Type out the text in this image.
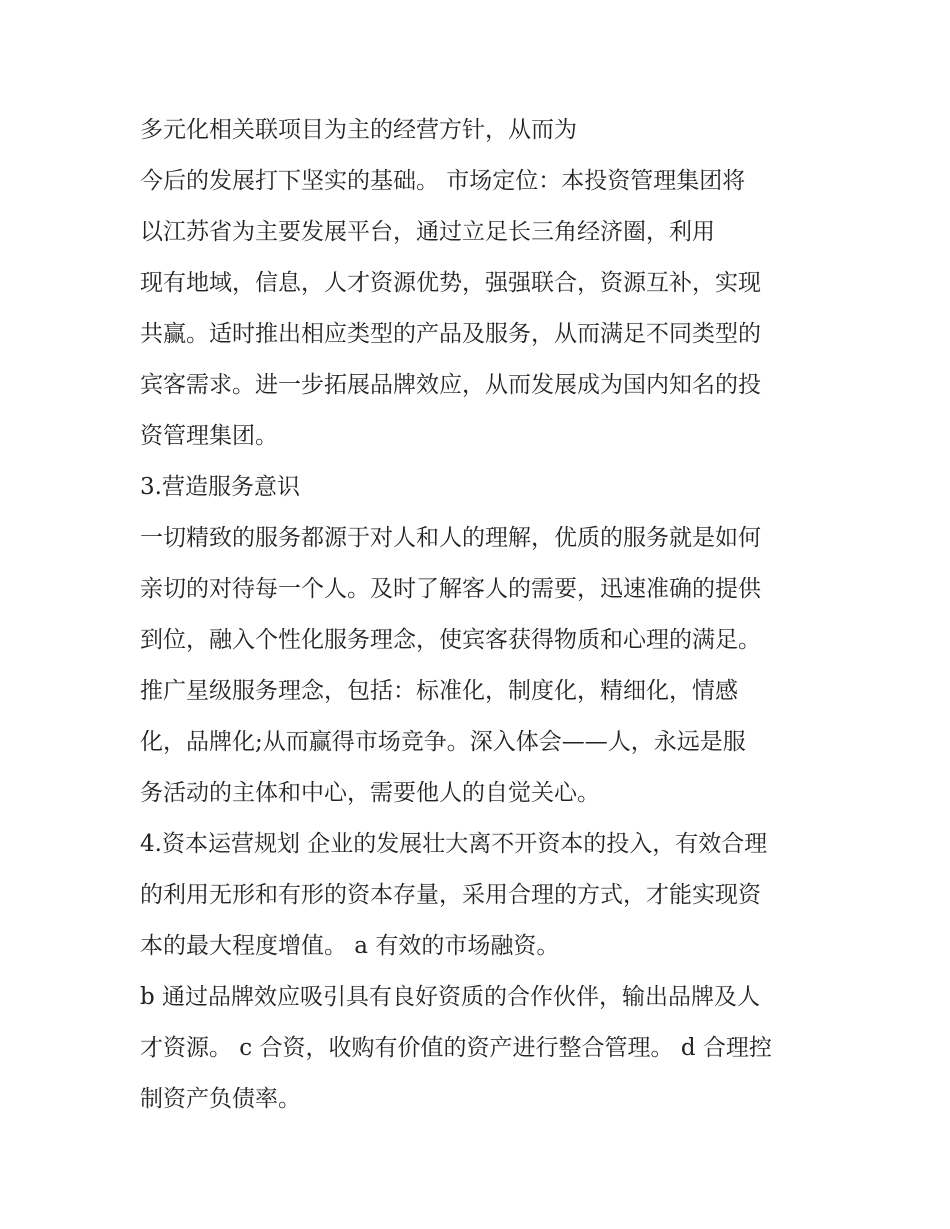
多元化相关联项目为主的经营方针，从而为
今后的发展打下坚实的基础。 市场定位：本投资管理集团将
以江苏省为主要发展平台，通过立足长三角经济圈，利用
现有地域，信息，人才资源优势，强强联合，资源互补，实现
共赢。适时推出相应类型的产品及服务，从而满足不同类型的
宾客需求。进一步拓展品牌效应，从而发展成为国内知名的投
资管理集团。
3.营造服务意识
一切精致的服务都源于对人和人的理解，优质的服务就是如何
亲切的对待每一个人。及时了解客人的需要，迅速准确的提供
到位，融入个性化服务理念，使宾客获得物质和心理的满足。
推广星级服务理念，包括：标准化，制度化，精细化，情感
化，品牌化;从而赢得市场竞争。深入体会——人，永远是服
务活动的主体和中心，需要他人的自觉关心。
4.资本运营规划 企业的发展壮大离不开资本的投入，有效合理
的利用无形和有形的资本存量，采用合理的方式，才能实现资
本的最大程度增值。 a 有效的市场融资。
b 通过品牌效应吸引具有良好资质的合作伙伴，输出品牌及人
才资源。 c 合资，收购有价值的资产进行整合管理。 d 合理控
制资产负债率。
